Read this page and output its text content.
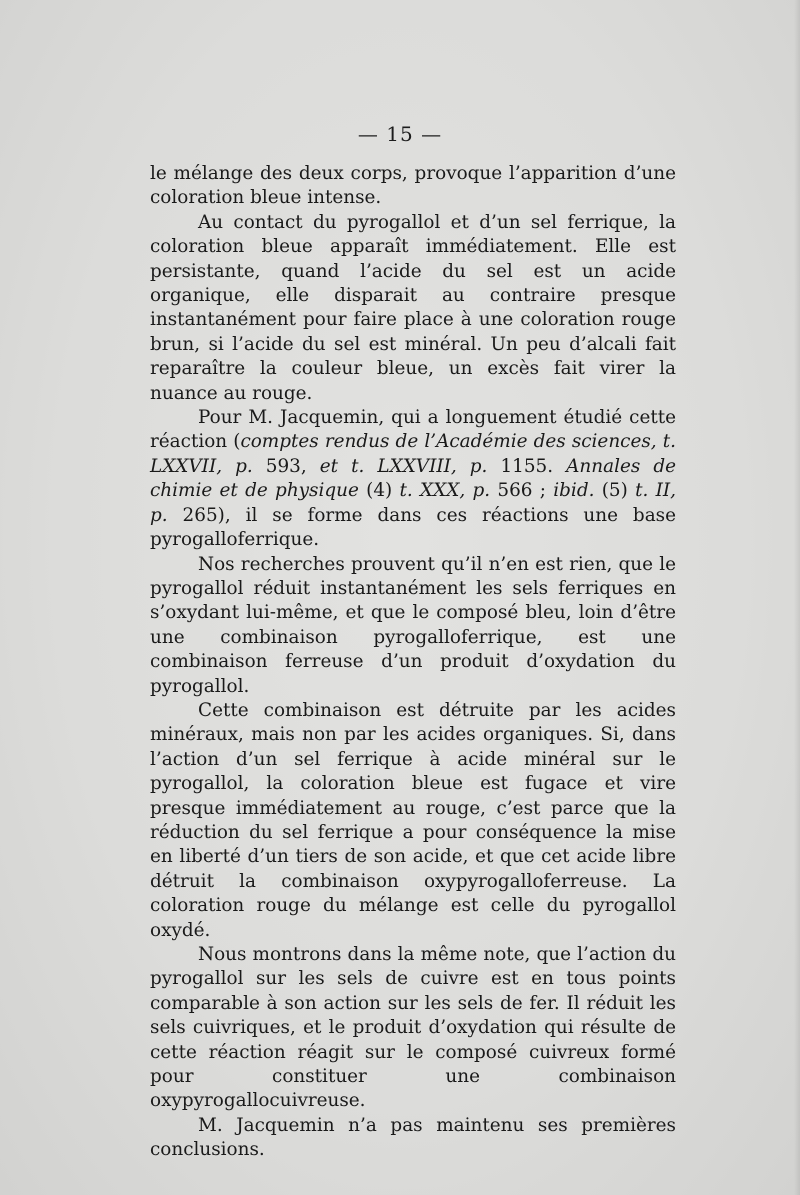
— 15 —

le mélange des deux corps, provoque l’apparition d’une coloration bleue intense.

Au contact du pyrogallol et d’un sel ferrique, la coloration bleue apparaît immédiatement. Elle est persistante, quand l’acide du sel est un acide organique, elle disparait au contraire presque instantanément pour faire place à une coloration rouge brun, si l’acide du sel est minéral. Un peu d’alcali fait reparaître la couleur bleue, un excès fait virer la nuance au rouge.

Pour M. Jacquemin, qui a longuement étudié cette réaction (comptes rendus de l’Académie des sciences, t. LXXVII, p. 593, et t. LXXVIII, p. 1155. Annales de chimie et de physique (4) t. XXX, p. 566 ; ibid. (5) t. II, p. 265), il se forme dans ces réactions une base pyrogalloferrique.

Nos recherches prouvent qu’il n’en est rien, que le pyrogallol réduit instantanément les sels ferriques en s’oxydant lui-même, et que le composé bleu, loin d’être une combinaison pyrogalloferrique, est une combinaison ferreuse d’un produit d’oxydation du pyrogallol.

Cette combinaison est détruite par les acides minéraux, mais non par les acides organiques. Si, dans l’action d’un sel ferrique à acide minéral sur le pyrogallol, la coloration bleue est fugace et vire presque immédiatement au rouge, c’est parce que la réduction du sel ferrique a pour conséquence la mise en liberté d’un tiers de son acide, et que cet acide libre détruit la combinaison oxypyrogalloferreuse. La coloration rouge du mélange est celle du pyrogallol oxydé.

Nous montrons dans la même note, que l’action du pyrogallol sur les sels de cuivre est en tous points comparable à son action sur les sels de fer. Il réduit les sels cuivriques, et le produit d’oxydation qui résulte de cette réaction réagit sur le composé cuivreux formé pour constituer une combinaison oxypyrogallocuivreuse.

M. Jacquemin n’a pas maintenu ses premières conclusions.
